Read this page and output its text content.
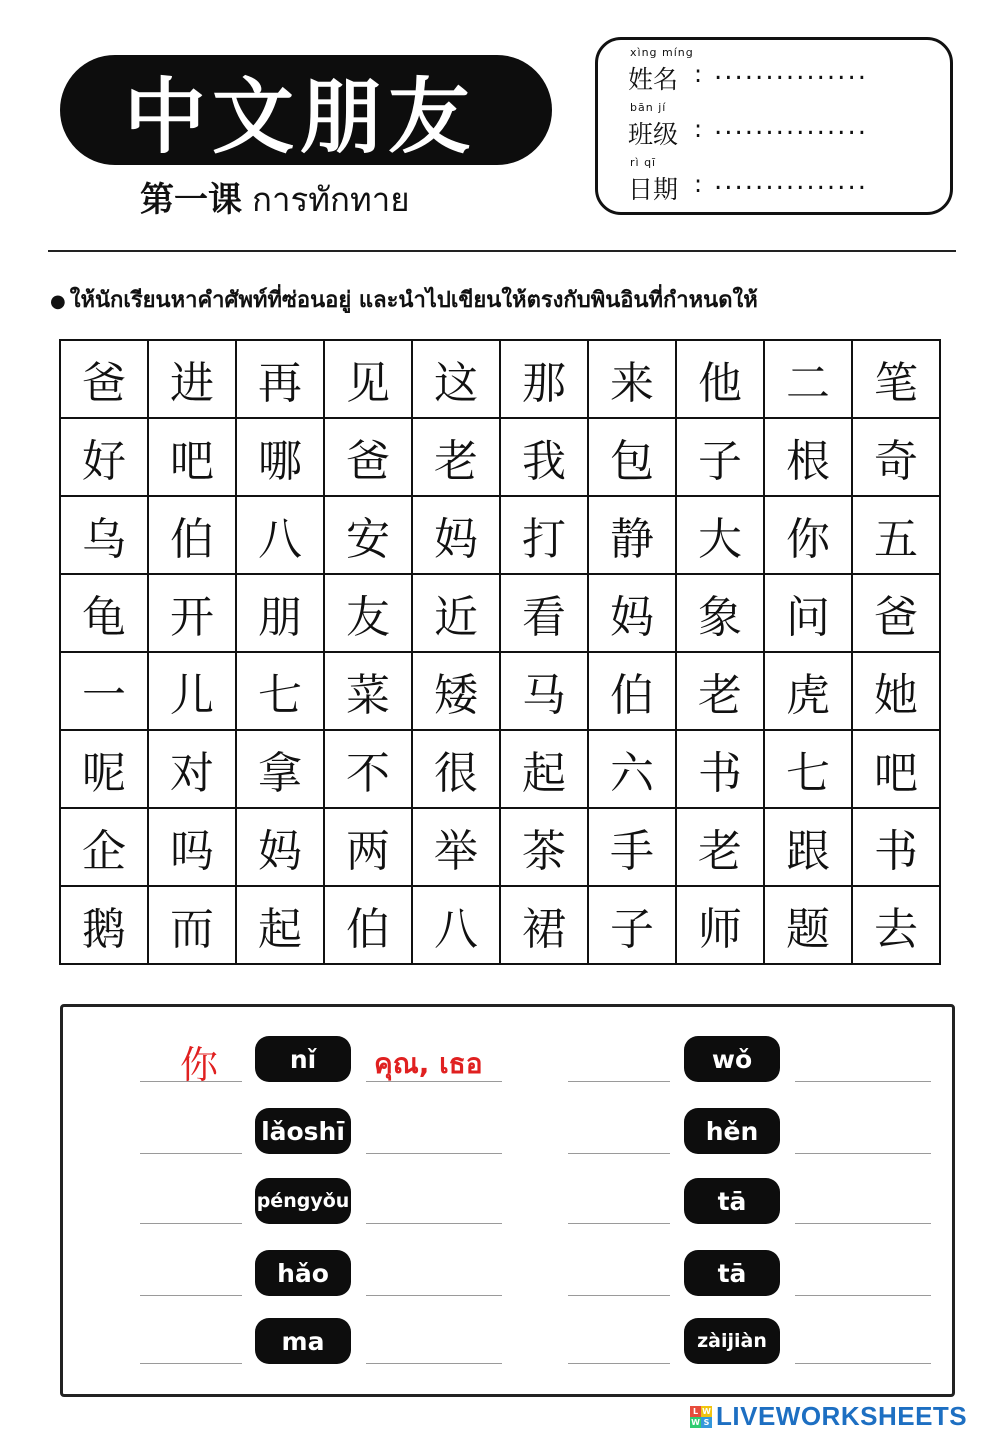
中文朋友
第一课 การทักทาย
xìng míng
姓名 : ...............
bān jí
班级 : ...............
rì qī
日期 : ...............
● ให้นักเรียนหาคำศัพท์ที่ซ่อนอยู่ และนำไปเขียนให้ตรงกับพินอินที่กำหนดให้
爸	进	再	见	这	那	来	他	二	笔
好	吧	哪	爸	老	我	包	子	根	奇
乌	伯	八	安	妈	打	静	大	你	五
龟	开	朋	友	近	看	妈	象	问	爸
一	儿	七	菜	矮	马	伯	老	虎	她
呢	对	拿	不	很	起	六	书	七	吧
企	吗	妈	两	举	茶	手	老	跟	书
鹅	而	起	伯	八	裙	子	师	题	去
nǐ
lǎoshī
péngyǒu
hǎo
ma
wǒ
hěn
tā
tā
zàijiàn
你	คุณ, เธอ
L W
W S LIVEWORKSHEETS
